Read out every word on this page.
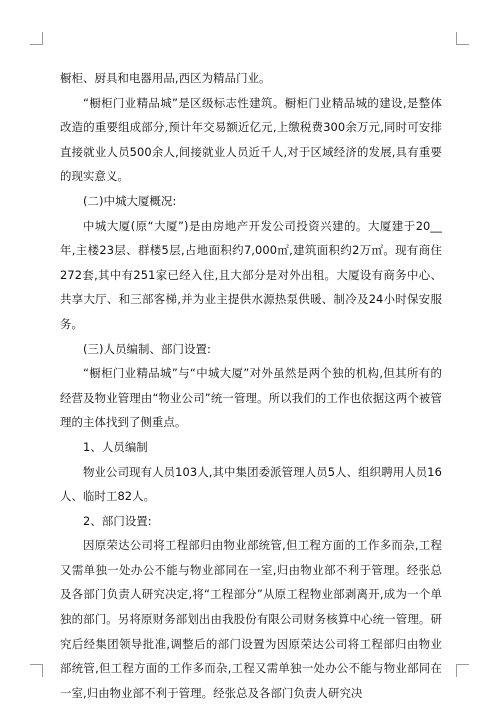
橱柜、厨具和电器用品,西区为精品门业。

“橱柜门业精品城”是区级标志性建筑。橱柜门业精品城的建设,是整体改造的重要组成部分,预计年交易额近亿元,上缴税费300余万元,同时可安排直接就业人员500余人,间接就业人员近千人,对于区域经济的发展,具有重要的现实意义。

(二)中城大厦概况:

中城大厦(原“大厦”)是由房地产开发公司投资兴建的。大厦建于20__年,主楼23层、群楼5层,占地面积约7,000㎡,建筑面积约2万㎡。现有商住272套,其中有251家已经入住,且大部分是对外出租。大厦设有商务中心、共享大厅、和三部客梯,并为业主提供水源热泵供暖、制冷及24小时保安服务。

(三)人员编制、部门设置:

“橱柜门业精品城”与“中城大厦”对外虽然是两个独的机构,但其所有的经营及物业管理由“物业公司”统一管理。所以我们的工作也依据这两个被管理的主体找到了侧重点。

1、人员编制

物业公司现有人员103人,其中集团委派管理人员5人、组织聘用人员16人、临时工82人。

2、部门设置:

因原荣达公司将工程部归由物业部统管,但工程方面的工作多而杂,工程又需单独一处办公不能与物业部同在一室,归由物业部不利于管理。经张总及各部门负责人研究决定,将“工程部分”从原工程物业部剥离开,成为一个单独的部门。另将原财务部划出由我股份有限公司财务核算中心统一管理。研究后经集团领导批准,调整后的部门设置为因原荣达公司将工程部归由物业部统管,但工程方面的工作多而杂,工程又需单独一处办公不能与物业部同在一室,归由物业部不利于管理。经张总及各部门负责人研究决
